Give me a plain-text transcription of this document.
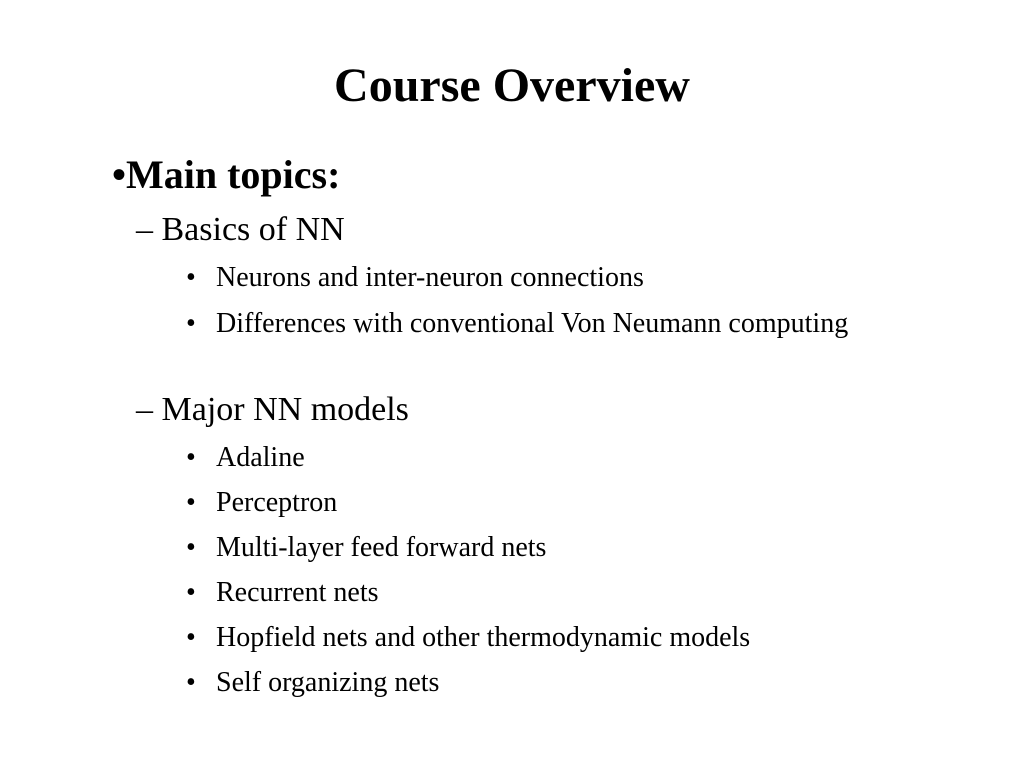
Course Overview
• Main topics:
– Basics of NN
• Neurons and inter-neuron connections
• Differences with conventional Von Neumann computing
– Major NN models
• Adaline
• Perceptron
• Multi-layer feed forward nets
• Recurrent nets
• Hopfield nets and other thermodynamic models
• Self organizing nets
